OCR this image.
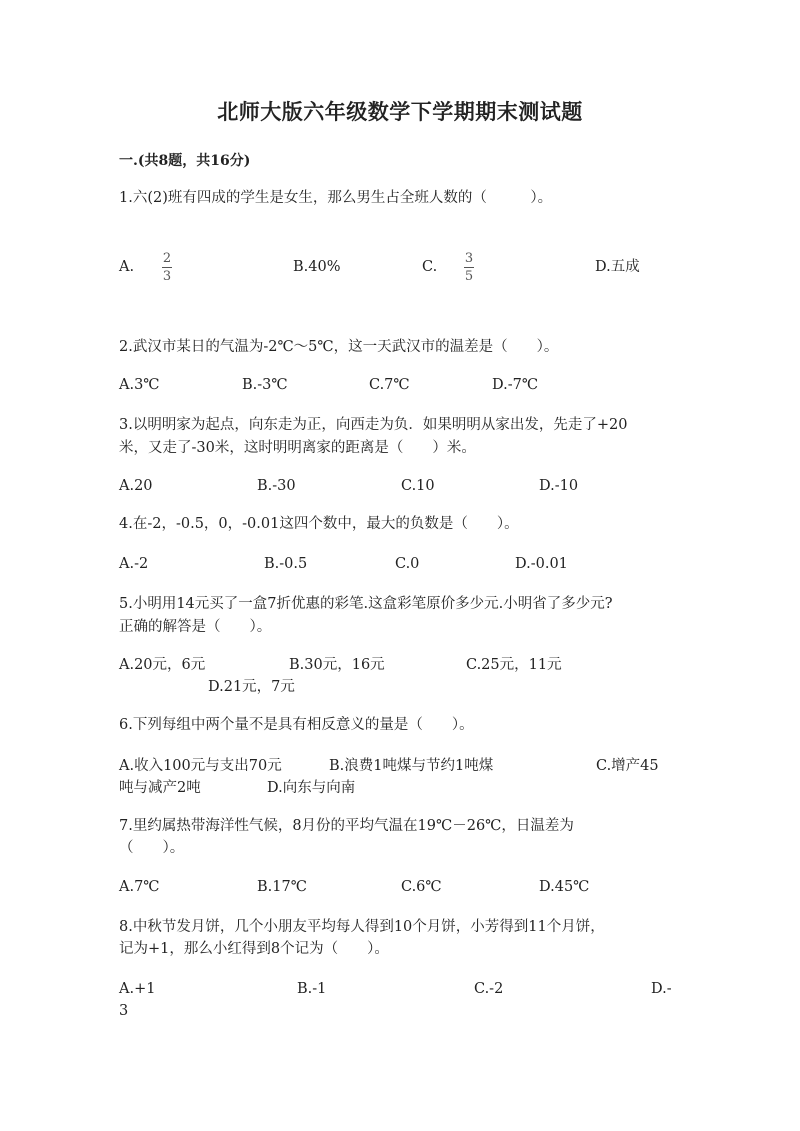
北师大版六年级数学下学期期末测试题
一.(共8题，共16分)
1.六(2)班有四成的学生是女生，那么男生占全班人数的（　　　）。
A.
2
3
B.40%	C.
3
5
D.五成
2.武汉市某日的气温为-2℃～5℃，这一天武汉市的温差是（　　）。
A.3℃	B.-3℃	C.7℃	D.-7℃
3.以明明家为起点，向东走为正，向西走为负．如果明明从家出发，先走了+20
米，又走了-30米，这时明明离家的距离是（　　）米。
A.20	B.-30	C.10	D.-10
4.在-2，-0.5，0，-0.01这四个数中，最大的负数是（　　）。
A.-2	B.-0.5	C.0	D.-0.01
5.小明用14元买了一盒7折优惠的彩笔.这盒彩笔原价多少元.小明省了多少元?
正确的解答是（　　）。
A.20元，6元	B.30元，16元	C.25元，11元
D.21元，7元
6.下列每组中两个量不是具有相反意义的量是（　　）。
A.收入100元与支出70元	B.浪费1吨煤与节约1吨煤	C.增产45
吨与减产2吨	D.向东与向南
7.里约属热带海洋性气候，8月份的平均气温在19℃－26℃，日温差为
（　　）。
A.7℃	B.17℃	C.6℃	D.45℃
8.中秋节发月饼，几个小朋友平均每人得到10个月饼，小芳得到11个月饼，
记为+1，那么小红得到8个记为（　　）。
A.+1	B.-1	C.-2	D.-
3
